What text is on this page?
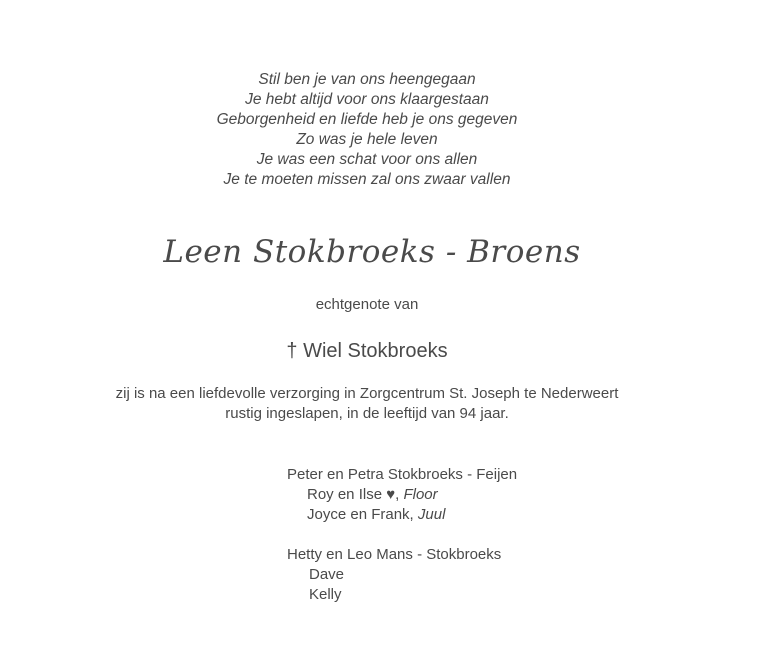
Stil ben je van ons heengegaan
Je hebt altijd voor ons klaargestaan
Geborgenheid en liefde heb je ons gegeven
Zo was je hele leven
Je was een schat voor ons allen
Je te moeten missen zal ons zwaar vallen
Leen Stokbroeks - Broens
echtgenote van
† Wiel Stokbroeks
zij is na een liefdevolle verzorging in Zorgcentrum St. Joseph te Nederweert
rustig ingeslapen, in de leeftijd van 94 jaar.
Peter en Petra Stokbroeks - Feijen
Roy en Ilse ♥, Floor
Joyce en Frank, Juul
Hetty en Leo Mans - Stokbroeks
Dave
Kelly
